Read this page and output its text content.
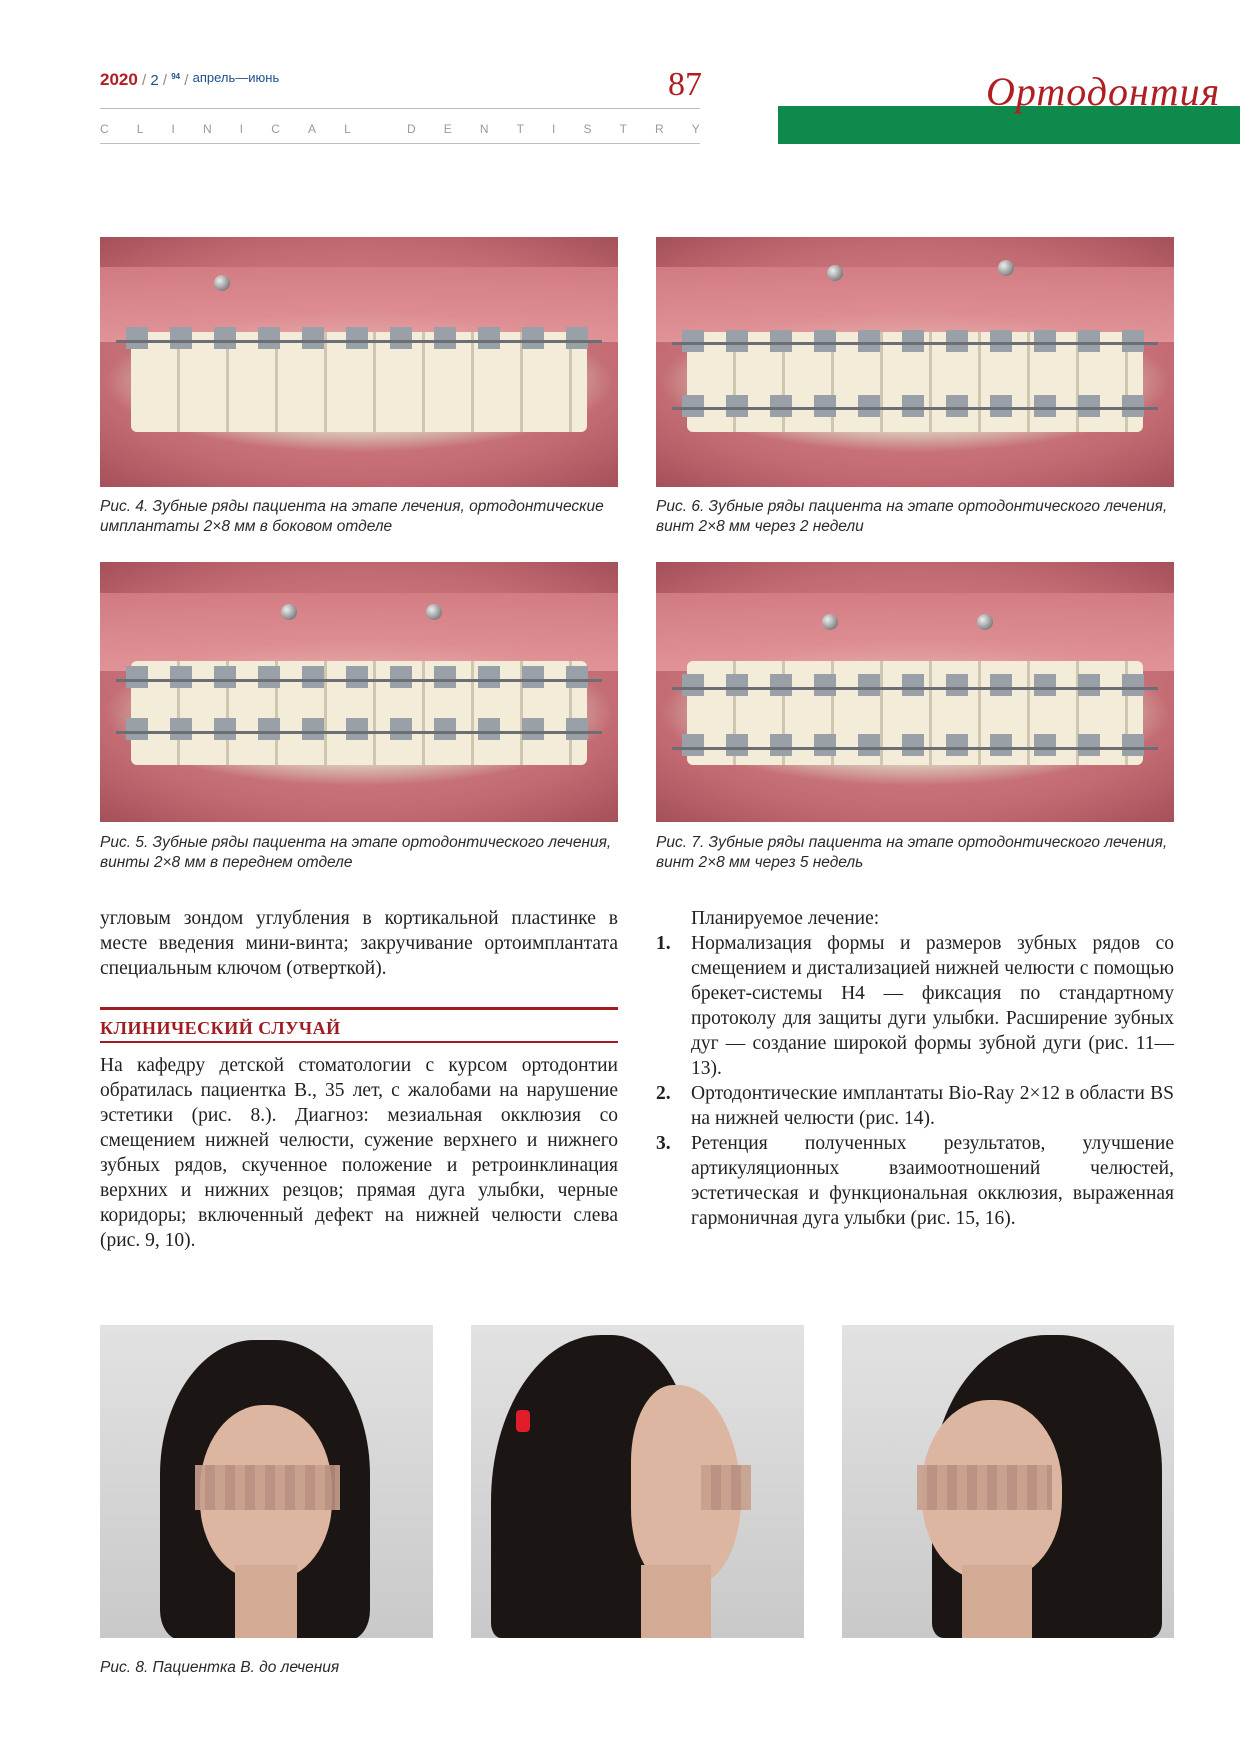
2020 / 2 / $^{94}$ / апрель—июнь	87
C L I N I C A L	D E N T I S T R Y
Ортодонтия
Рис. 4. Зубные ряды пациента на этапе лечения, ортодонтические имплантаты 2×8 мм в боковом отделе
Рис. 6. Зубные ряды пациента на этапе ортодонтического лечения, винт 2×8 мм через 2 недели
Рис. 5. Зубные ряды пациента на этапе ортодонтического лечения, винты 2×8 мм в переднем отделе
Рис. 7. Зубные ряды пациента на этапе ортодонтического лечения, винт 2×8 мм через 5 недель

угловым зондом углубления в кортикальной пластинке в месте введения мини-винта; закручивание ортоимплантата специальным ключом (отверткой).

КЛИНИЧЕСКИЙ СЛУЧАЙ

На кафедру детской стоматологии с курсом ортодонтии обратилась пациентка В., 35 лет, с жалобами на нарушение эстетики (рис. 8.). Диагноз: мезиальная окклюзия со смещением нижней челюсти, сужение верхнего и нижнего зубных рядов, скученное положение и ретроинклинация верхних и нижних резцов; прямая дуга улыбки, черные коридоры; включенный дефект на нижней челюсти слева (рис. 9, 10).

Планируемое лечение:

1. Нормализация формы и размеров зубных рядов со смещением и дистализацией нижней челюсти с помощью брекет-системы H4 — фиксация по стандартному протоколу для защиты дуги улыбки. Расширение зубных дуг — создание широкой формы зубной дуги (рис. 11—13).
2. Ортодонтические имплантаты Bio-Ray 2×12 в области BS на нижней челюсти (рис. 14).
3. Ретенция полученных результатов, улучшение артикуляционных взаимоотношений челюстей, эстетическая и функциональная окклюзия, выраженная гармоничная дуга улыбки (рис. 15, 16).
Рис. 8. Пациентка В. до лечения
